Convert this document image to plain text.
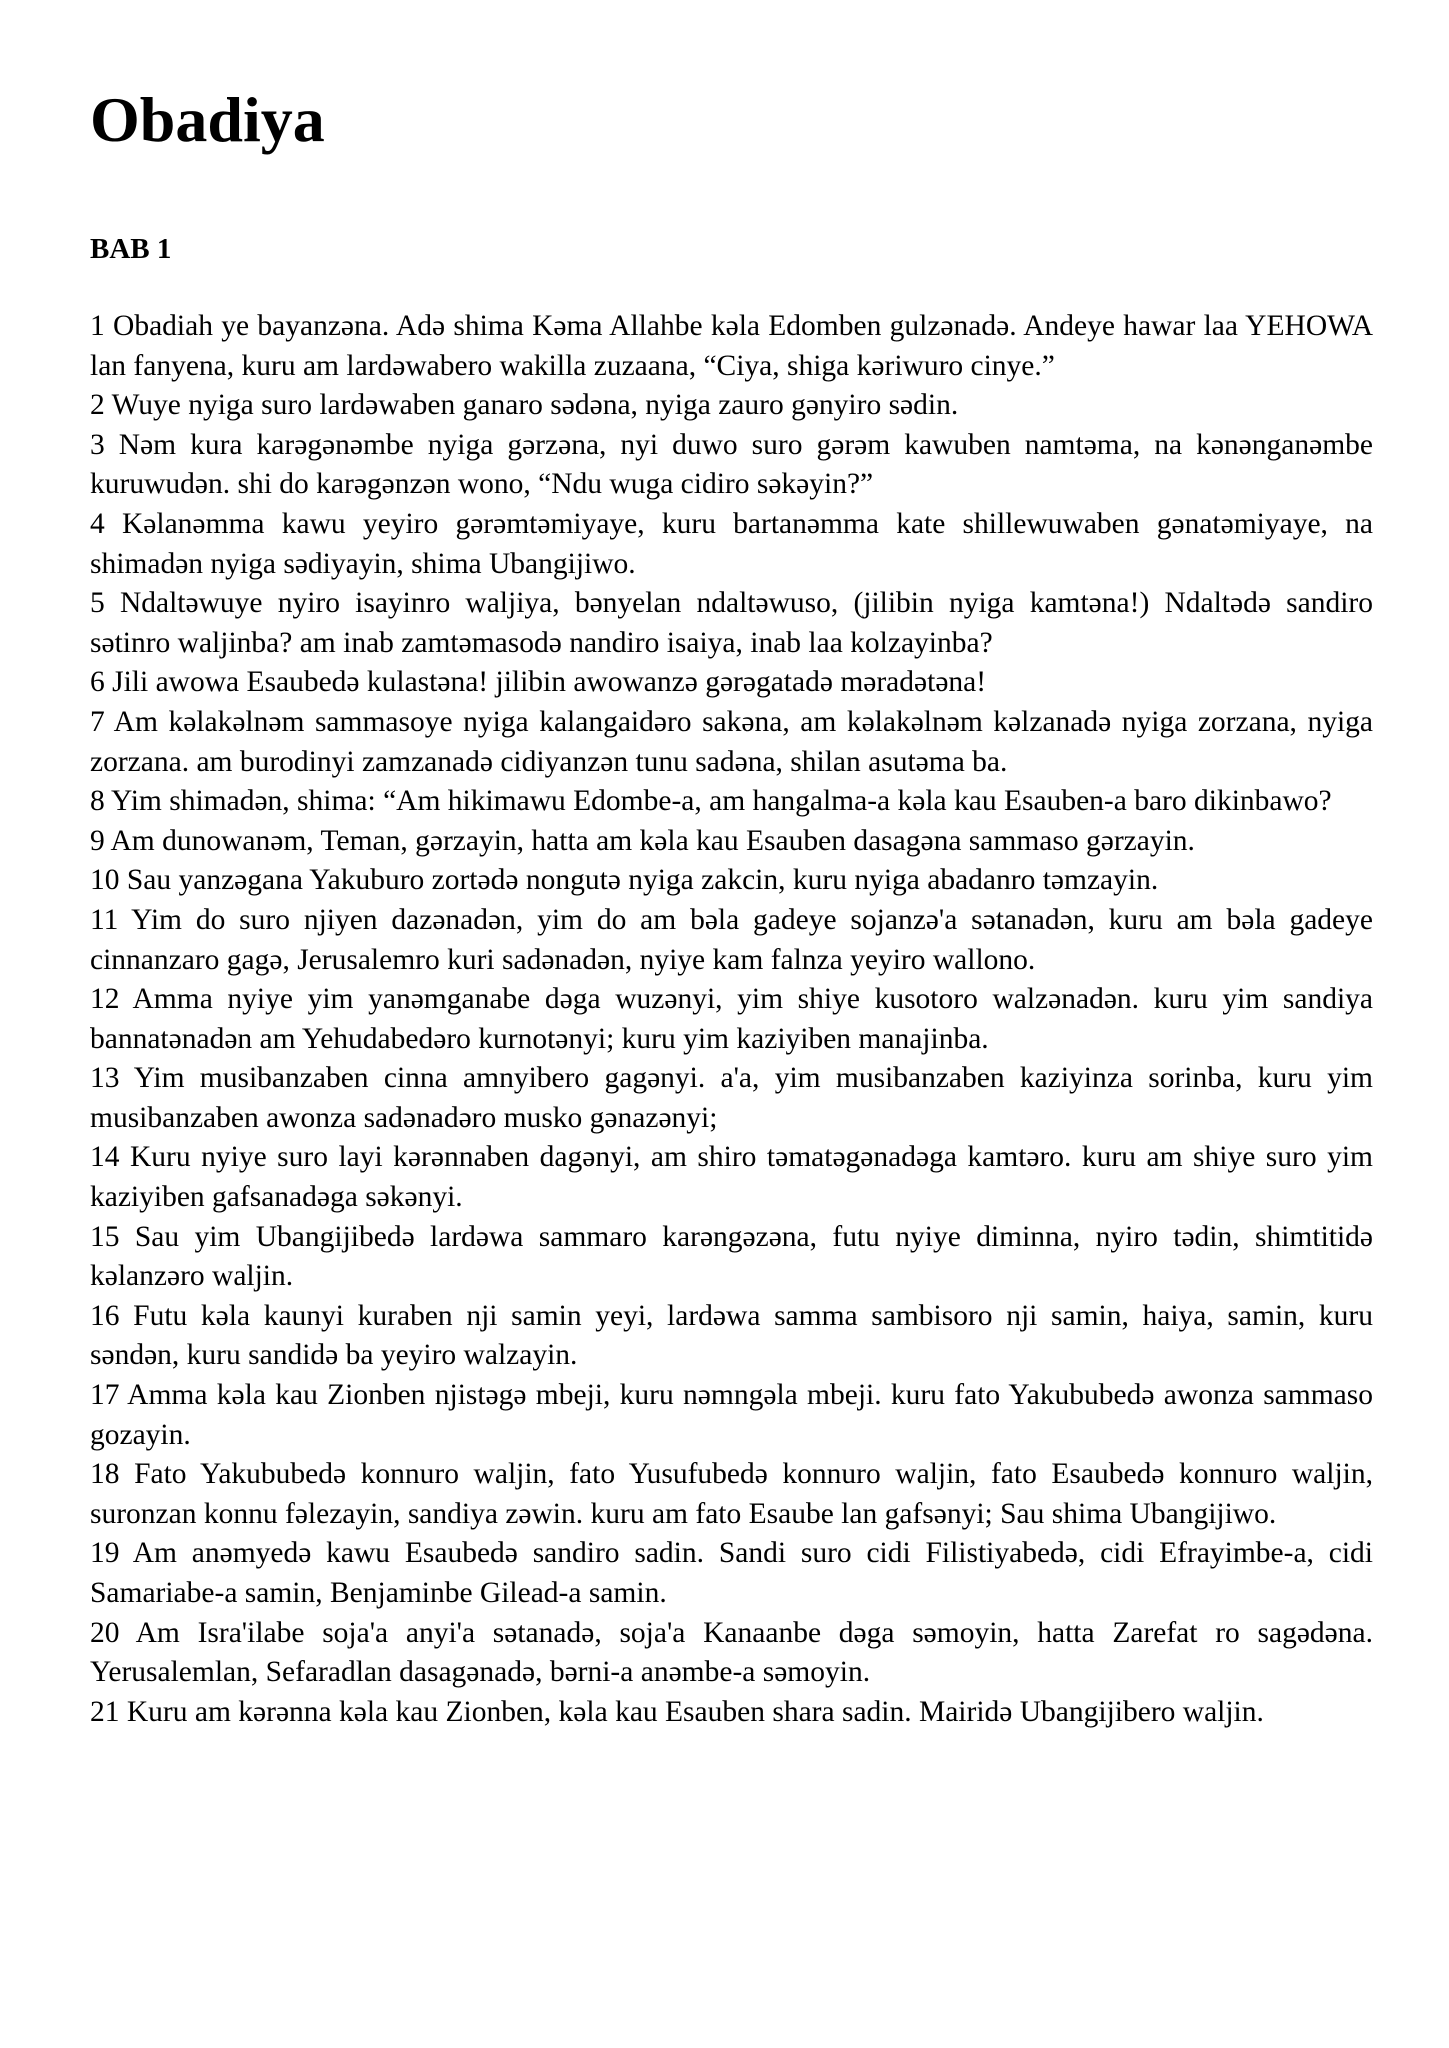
Obadiya

BAB 1

1 Obadiah ye bayanzəna. Adə shima Kəma Allahbe kəla Edomben gulzənadə. Andeye hawar laa YEHOWA lan fanyena, kuru am lardəwabero wakilla zuzaana, “Ciya, shiga kəriwuro cinye.”

2 Wuye nyiga suro lardəwaben ganaro sədəna, nyiga zauro gənyiro sədin.

3 Nəm kura karəgənəmbe nyiga gərzəna, nyi duwo suro gərəm kawuben namtəma, na kənənganəmbe kuruwudən. shi do karəgənzən wono, “Ndu wuga cidiro səkəyin?”

4 Kəlanəmma kawu yeyiro gərəmtəmiyaye, kuru bartanəmma kate shillewuwaben gənatəmiyaye, na shimadən nyiga sədiyayin, shima Ubangijiwo.

5 Ndaltəwuye nyiro isayinro waljiya, bənyelan ndaltəwuso, (jilibin nyiga kamtəna!) Ndaltədə sandiro sətinro waljinba? am inab zamtəmasodə nandiro isaiya, inab laa kolzayinba?

6 Jili awowa Esaubedə kulastəna! jilibin awowanzə gərəgatadə məradətəna!

7 Am kəlakəlnəm sammasoye nyiga kalangaidəro sakəna, am kəlakəlnəm kəlzanadə nyiga zorzana, nyiga zorzana. am burodinyi zamzanadə cidiyanzən tunu sadəna, shilan asutəma ba.

8 Yim shimadən, shima: “Am hikimawu Edombe-a, am hangalma-a kəla kau Esauben-a baro dikinbawo?

9 Am dunowanəm, Teman, gərzayin, hatta am kəla kau Esauben dasagəna sammaso gərzayin.

10 Sau yanzəgana Yakuburo zortədə nongutə nyiga zakcin, kuru nyiga abadanro təmzayin.

11 Yim do suro njiyen dazənadən, yim do am bəla gadeye sojanzə'a sətanadən, kuru am bəla gadeye cinnanzaro gagə, Jerusalemro kuri sadənadən, nyiye kam falnza yeyiro wallono.

12 Amma nyiye yim yanəmganabe dəga wuzənyi, yim shiye kusotoro walzənadən. kuru yim sandiya bannatənadən am Yehudabedəro kurnotənyi; kuru yim kaziyiben manajinba.

13 Yim musibanzaben cinna amnyibero gagənyi. a'a, yim musibanzaben kaziyinza sorinba, kuru yim musibanzaben awonza sadənadəro musko gənazənyi;

14 Kuru nyiye suro layi kərənnaben dagənyi, am shiro təmatəgənadəga kamtəro. kuru am shiye suro yim kaziyiben gafsanadəga səkənyi.

15 Sau yim Ubangijibedə lardəwa sammaro karəngəzəna, futu nyiye diminna, nyiro tədin, shimtitidə kəlanzəro waljin.

16 Futu kəla kaunyi kuraben nji samin yeyi, lardəwa samma sambisoro nji samin, haiya, samin, kuru səndən, kuru sandidə ba yeyiro walzayin.

17 Amma kəla kau Zionben njistəgə mbeji, kuru nəmngəla mbeji. kuru fato Yakububedə awonza sammaso gozayin.

18 Fato Yakububedə konnuro waljin, fato Yusufubedə konnuro waljin, fato Esaubedə konnuro waljin, suronzan konnu fəlezayin, sandiya zəwin. kuru am fato Esaube lan gafsənyi; Sau shima Ubangijiwo.

19 Am anəmyedə kawu Esaubedə sandiro sadin. Sandi suro cidi Filistiyabedə, cidi Efrayimbe-a, cidi Samariabe-a samin, Benjaminbe Gilead-a samin.

20 Am Isra'ilabe soja'a anyi'a sətanadə, soja'a Kanaanbe dəga səmoyin, hatta Zarefat ro sagədəna. Yerusalemlan, Sefaradlan dasagənadə, bərni-a anəmbe-a səmoyin.

21 Kuru am kərənna kəla kau Zionben, kəla kau Esauben shara sadin. Mairidə Ubangijibero waljin.
